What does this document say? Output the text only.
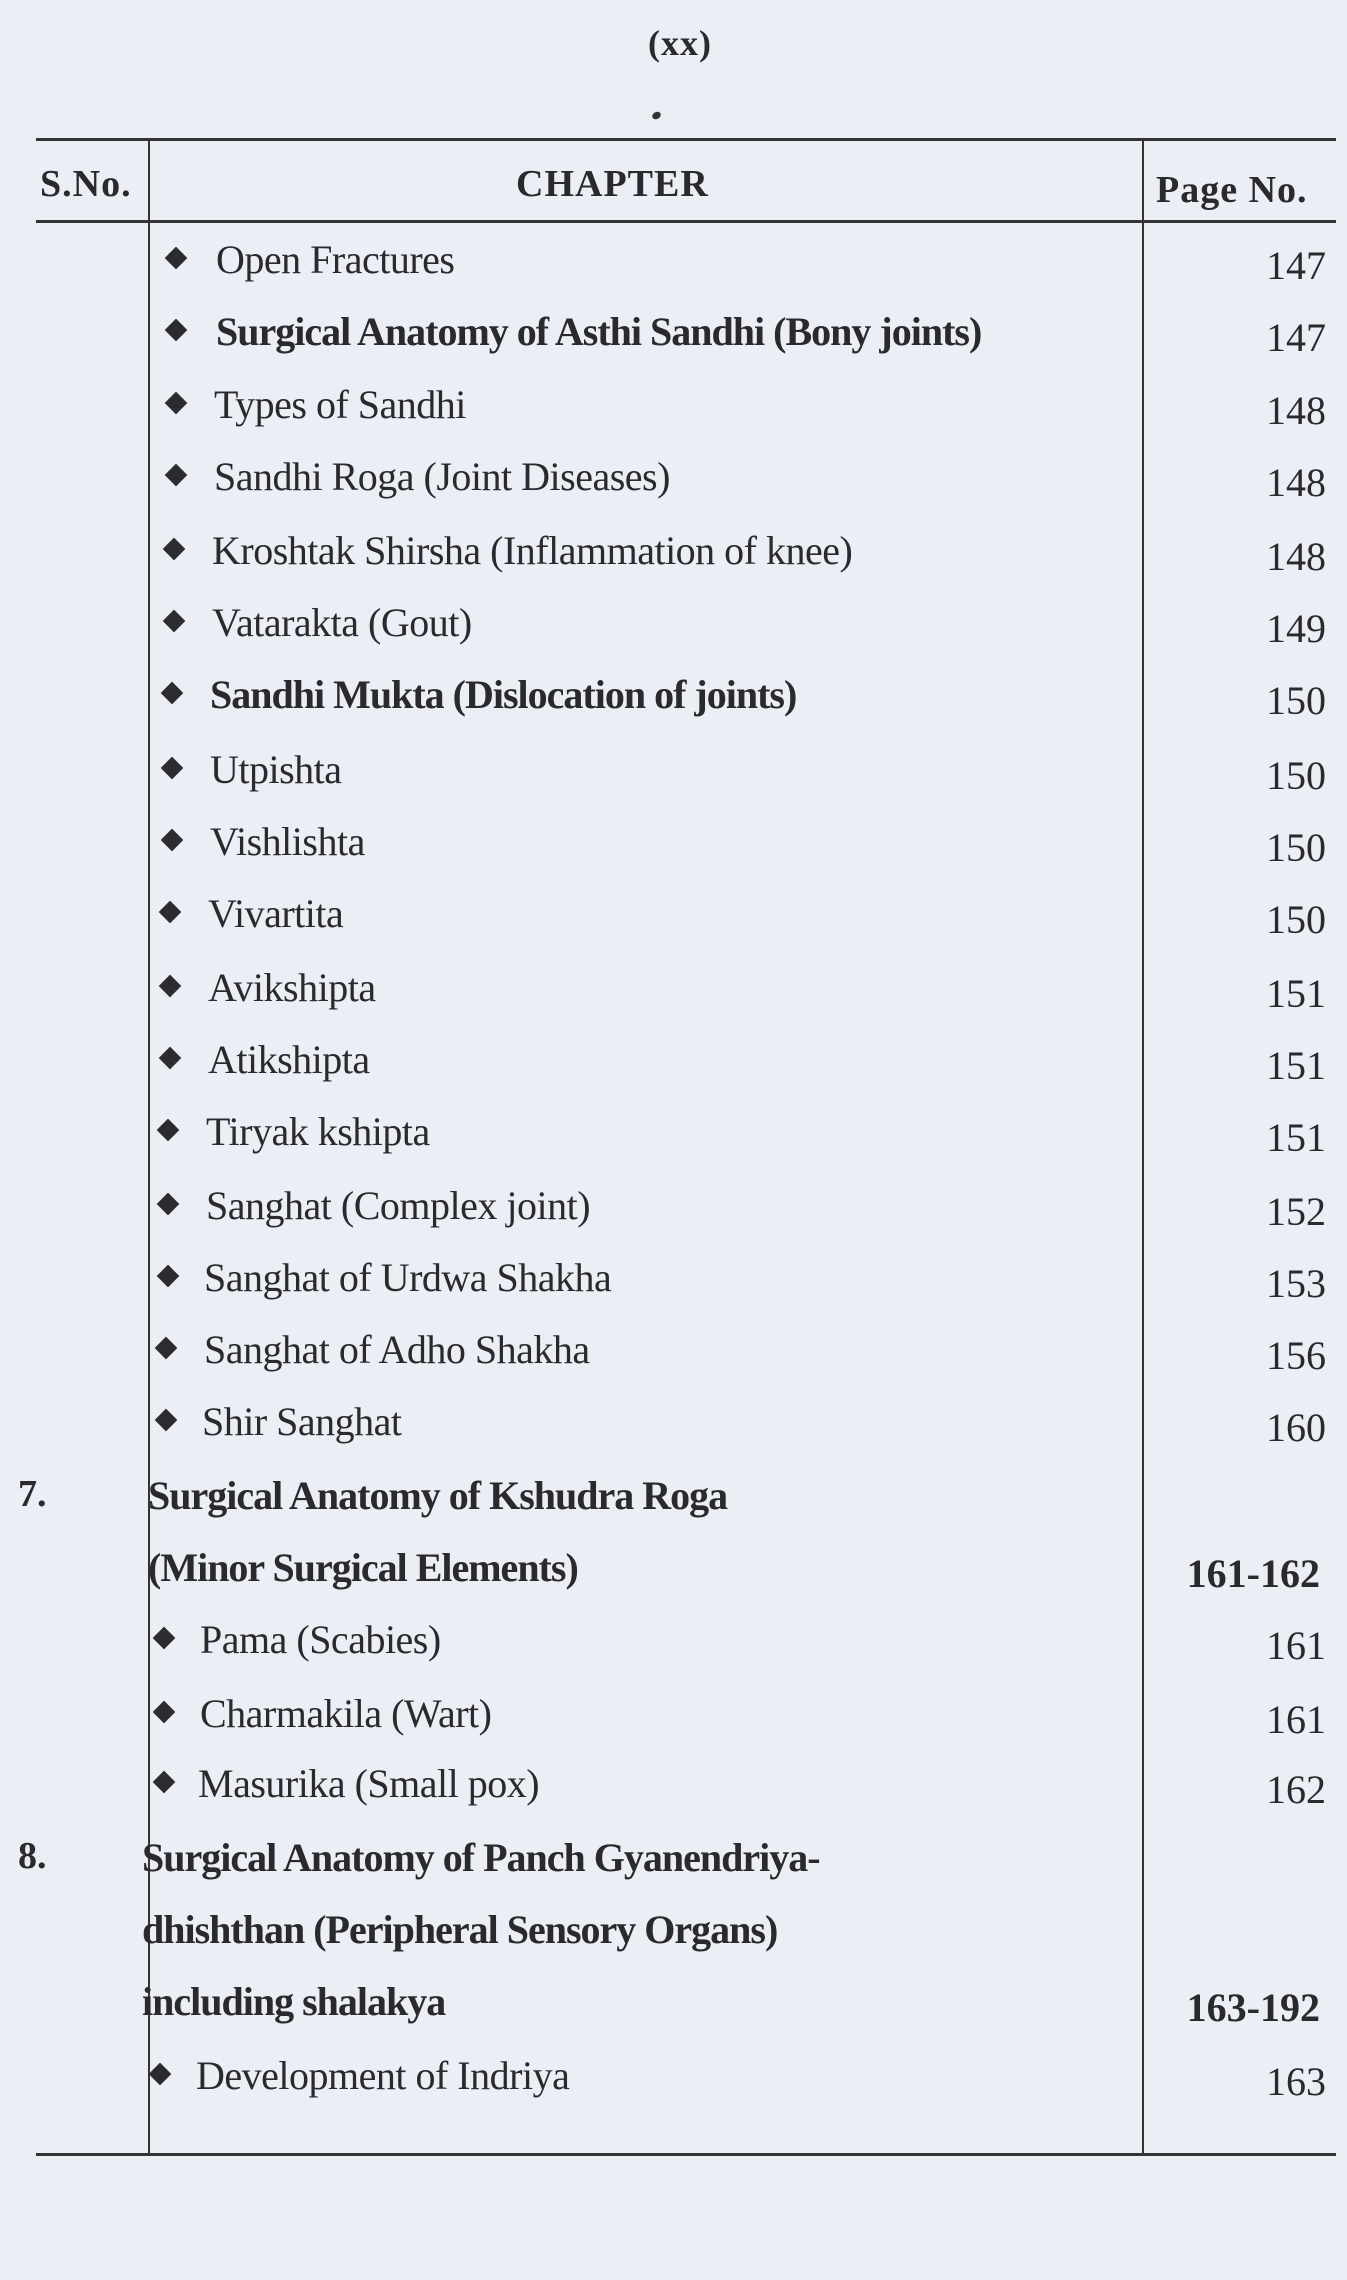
(xx)
S.No.	CHAPTER	Page No.
Open Fractures	147
Surgical Anatomy of Asthi Sandhi (Bony joints)	147
Types of Sandhi	148
Sandhi Roga (Joint Diseases)	148
Kroshtak Shirsha (Inflammation of knee)	148
Vatarakta (Gout)	149
Sandhi Mukta (Dislocation of joints)	150
Utpishta	150
Vishlishta	150
Vivartita	150
Avikshipta	151
Atikshipta	151
Tiryak kshipta	151
Sanghat (Complex joint)	152
Sanghat of Urdwa Shakha	153
Sanghat of Adho Shakha	156
Shir Sanghat	160
7.	Surgical Anatomy of Kshudra Roga
(Minor Surgical Elements)	161-162
Pama (Scabies)	161
Charmakila (Wart)	161
Masurika (Small pox)	162
8. Surgical Anatomy of Panch Gyanendriya-
dhishthan (Peripheral Sensory Organs)
including shalakya	163-192
Development of Indriya	163
